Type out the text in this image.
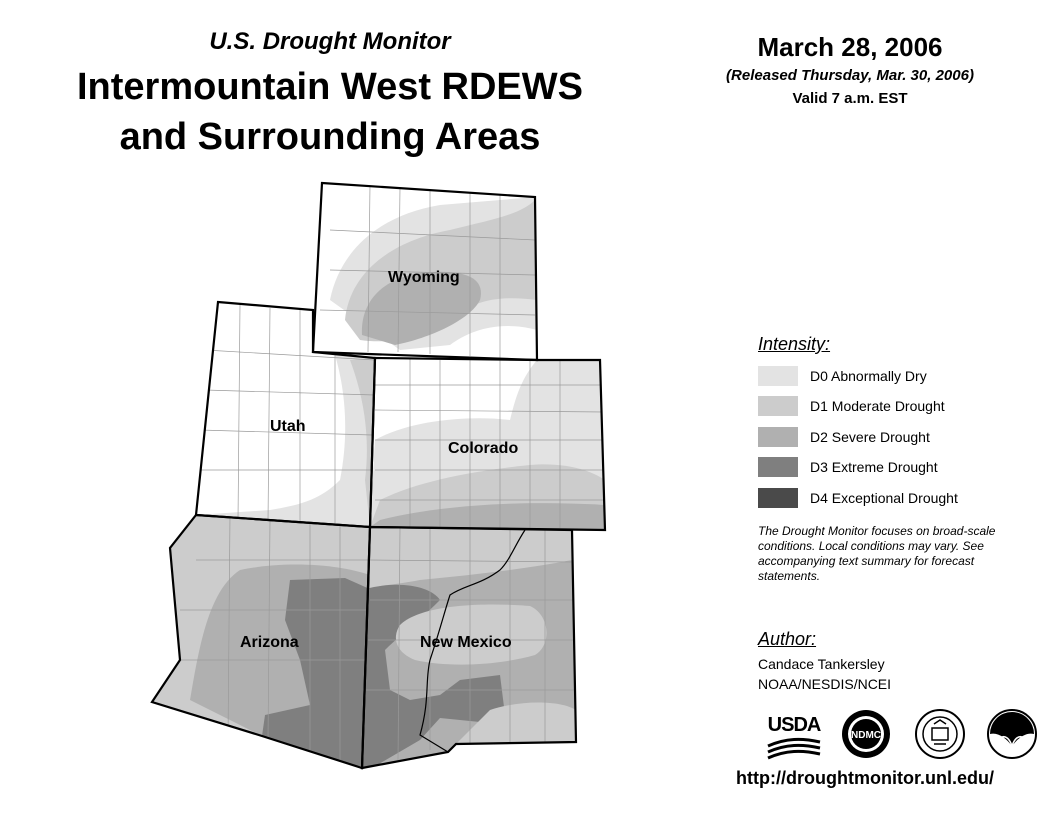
U.S. Drought Monitor
Intermountain West RDEWS
and Surrounding Areas
March 28, 2006
(Released Thursday, Mar. 30, 2006)
Valid 7 a.m. EST
Wyoming
Utah
Colorado
Arizona	New Mexico
Intensity:
D0 Abnormally Dry
D1 Moderate Drought
D2 Severe Drought
D3 Extreme Drought
D4 Exceptional Drought
The Drought Monitor focuses on broad-scale conditions. Local conditions may vary. See accompanying text summary for forecast statements.
Author:
Candace Tankersley
NOAA/NESDIS/NCEI
USDA	NDMC
http://droughtmonitor.unl.edu/
